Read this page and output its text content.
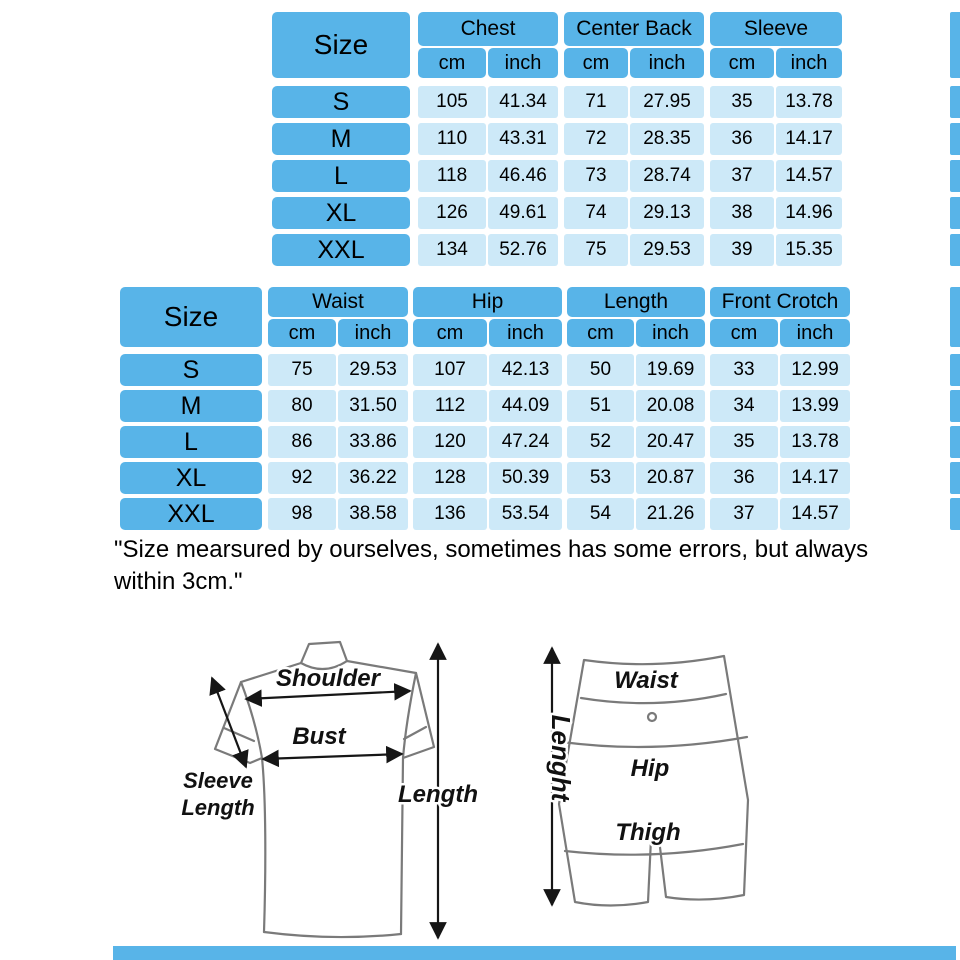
Size
Chest	Center Back	Sleeve
cm	inch	cm	inch	cm	inch
S	105	41.34	71	27.95	35	13.78
M	110	43.31	72	28.35	36	14.17
L	118	46.46	73	28.74	37	14.57
XL	126	49.61	74	29.13	38	14.96
XXL	134	52.76	75	29.53	39	15.35
Size	Waist	Hip	Length	Front Crotch
cm	inch	cm	inch	cm	inch	cm	inch
S	75	29.53	107	42.13	50	19.69	33	12.99
M	80	31.50	112	44.09	51	20.08	34	13.99
L	86	33.86	120	47.24	52	20.47	35	13.78
XL	92	36.22	128	50.39	53	20.87	36	14.17
XXL	98	38.58	136	53.54	54	21.26	37	14.57
"Size mearsured by ourselves, sometimes has some errors, but always within 3cm."
Shoulder
Bust
Sleeve
Length	Length
Waist
Hip
Thigh
Lenght
